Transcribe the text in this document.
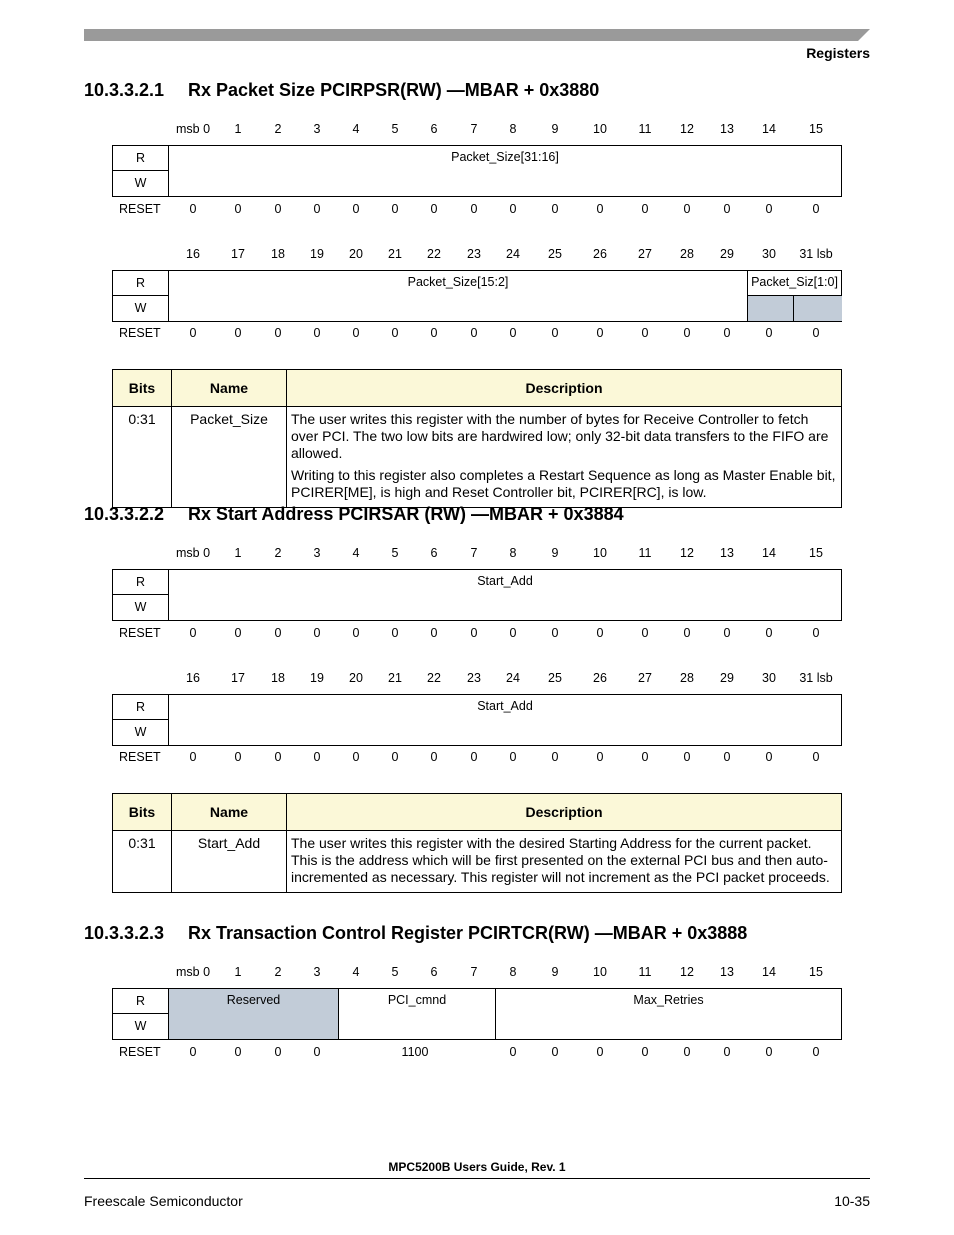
Registers
10.3.3.2.1 Rx Packet Size PCIRPSR(RW) —MBAR + 0x3880
msb 0 1	2	3	4	5	6	7	8	9	10	11 12 13 14	15
R
W
Packet_Size[31:16]
RESET 0	0	0	0	0	0	0	0	0	0	0	0	0	0	0	0
16 17 18 19 20 21 22 23 24 25 26 27 28 29 30 31 lsb
R
W
Packet_Size[15:2]	Packet_Siz[1:0]
RESET 0	0	0	0	0	0	0	0	0	0	0	0	0	0	0	0
Bits	Name	Description
0:31	Packet_Size	The user writes this register with the number of bytes for Receive Controller to fetch over PCI. The two low bits are hardwired low; only 32-bit data transfers to the FIFO are allowed.

Writing to this register also completes a Restart Sequence as long as Master Enable bit, PCIRER[ME], is high and Reset Controller bit, PCIRER[RC], is low.

10.3.3.2.2 Rx Start Address PCIRSAR (RW) —MBAR + 0x3884
msb 0 1	2	3	4	5	6	7	8	9	10	11 12 13 14	15
R
W
Start_Add
RESET 0	0	0	0	0	0	0	0	0	0	0	0	0	0	0	0
16 17 18 19 20 21 22 23 24 25 26 27 28 29 30 31 lsb
R
W
Start_Add
RESET 0	0	0	0	0	0	0	0	0	0	0	0	0	0	0	0
Bits	Name	Description
0:31	Start_Add	The user writes this register with the desired Starting Address for the current packet. This is the address which will be first presented on the external PCI bus and then auto-incremented as necessary. This register will not increment as the PCI packet proceeds.

10.3.3.2.3 Rx Transaction Control Register PCIRTCR(RW) —MBAR + 0x3888
msb 0 1	2	3	4	5	6	7	8	9	10	11 12 13 14	15
R
W
Reserved	PCI_cmnd	Max_Retries
RESET 0	0	0	0	1100	0	0	0	0	0	0	0	0
MPC5200B Users Guide, Rev. 1
Freescale Semiconductor	10-35
